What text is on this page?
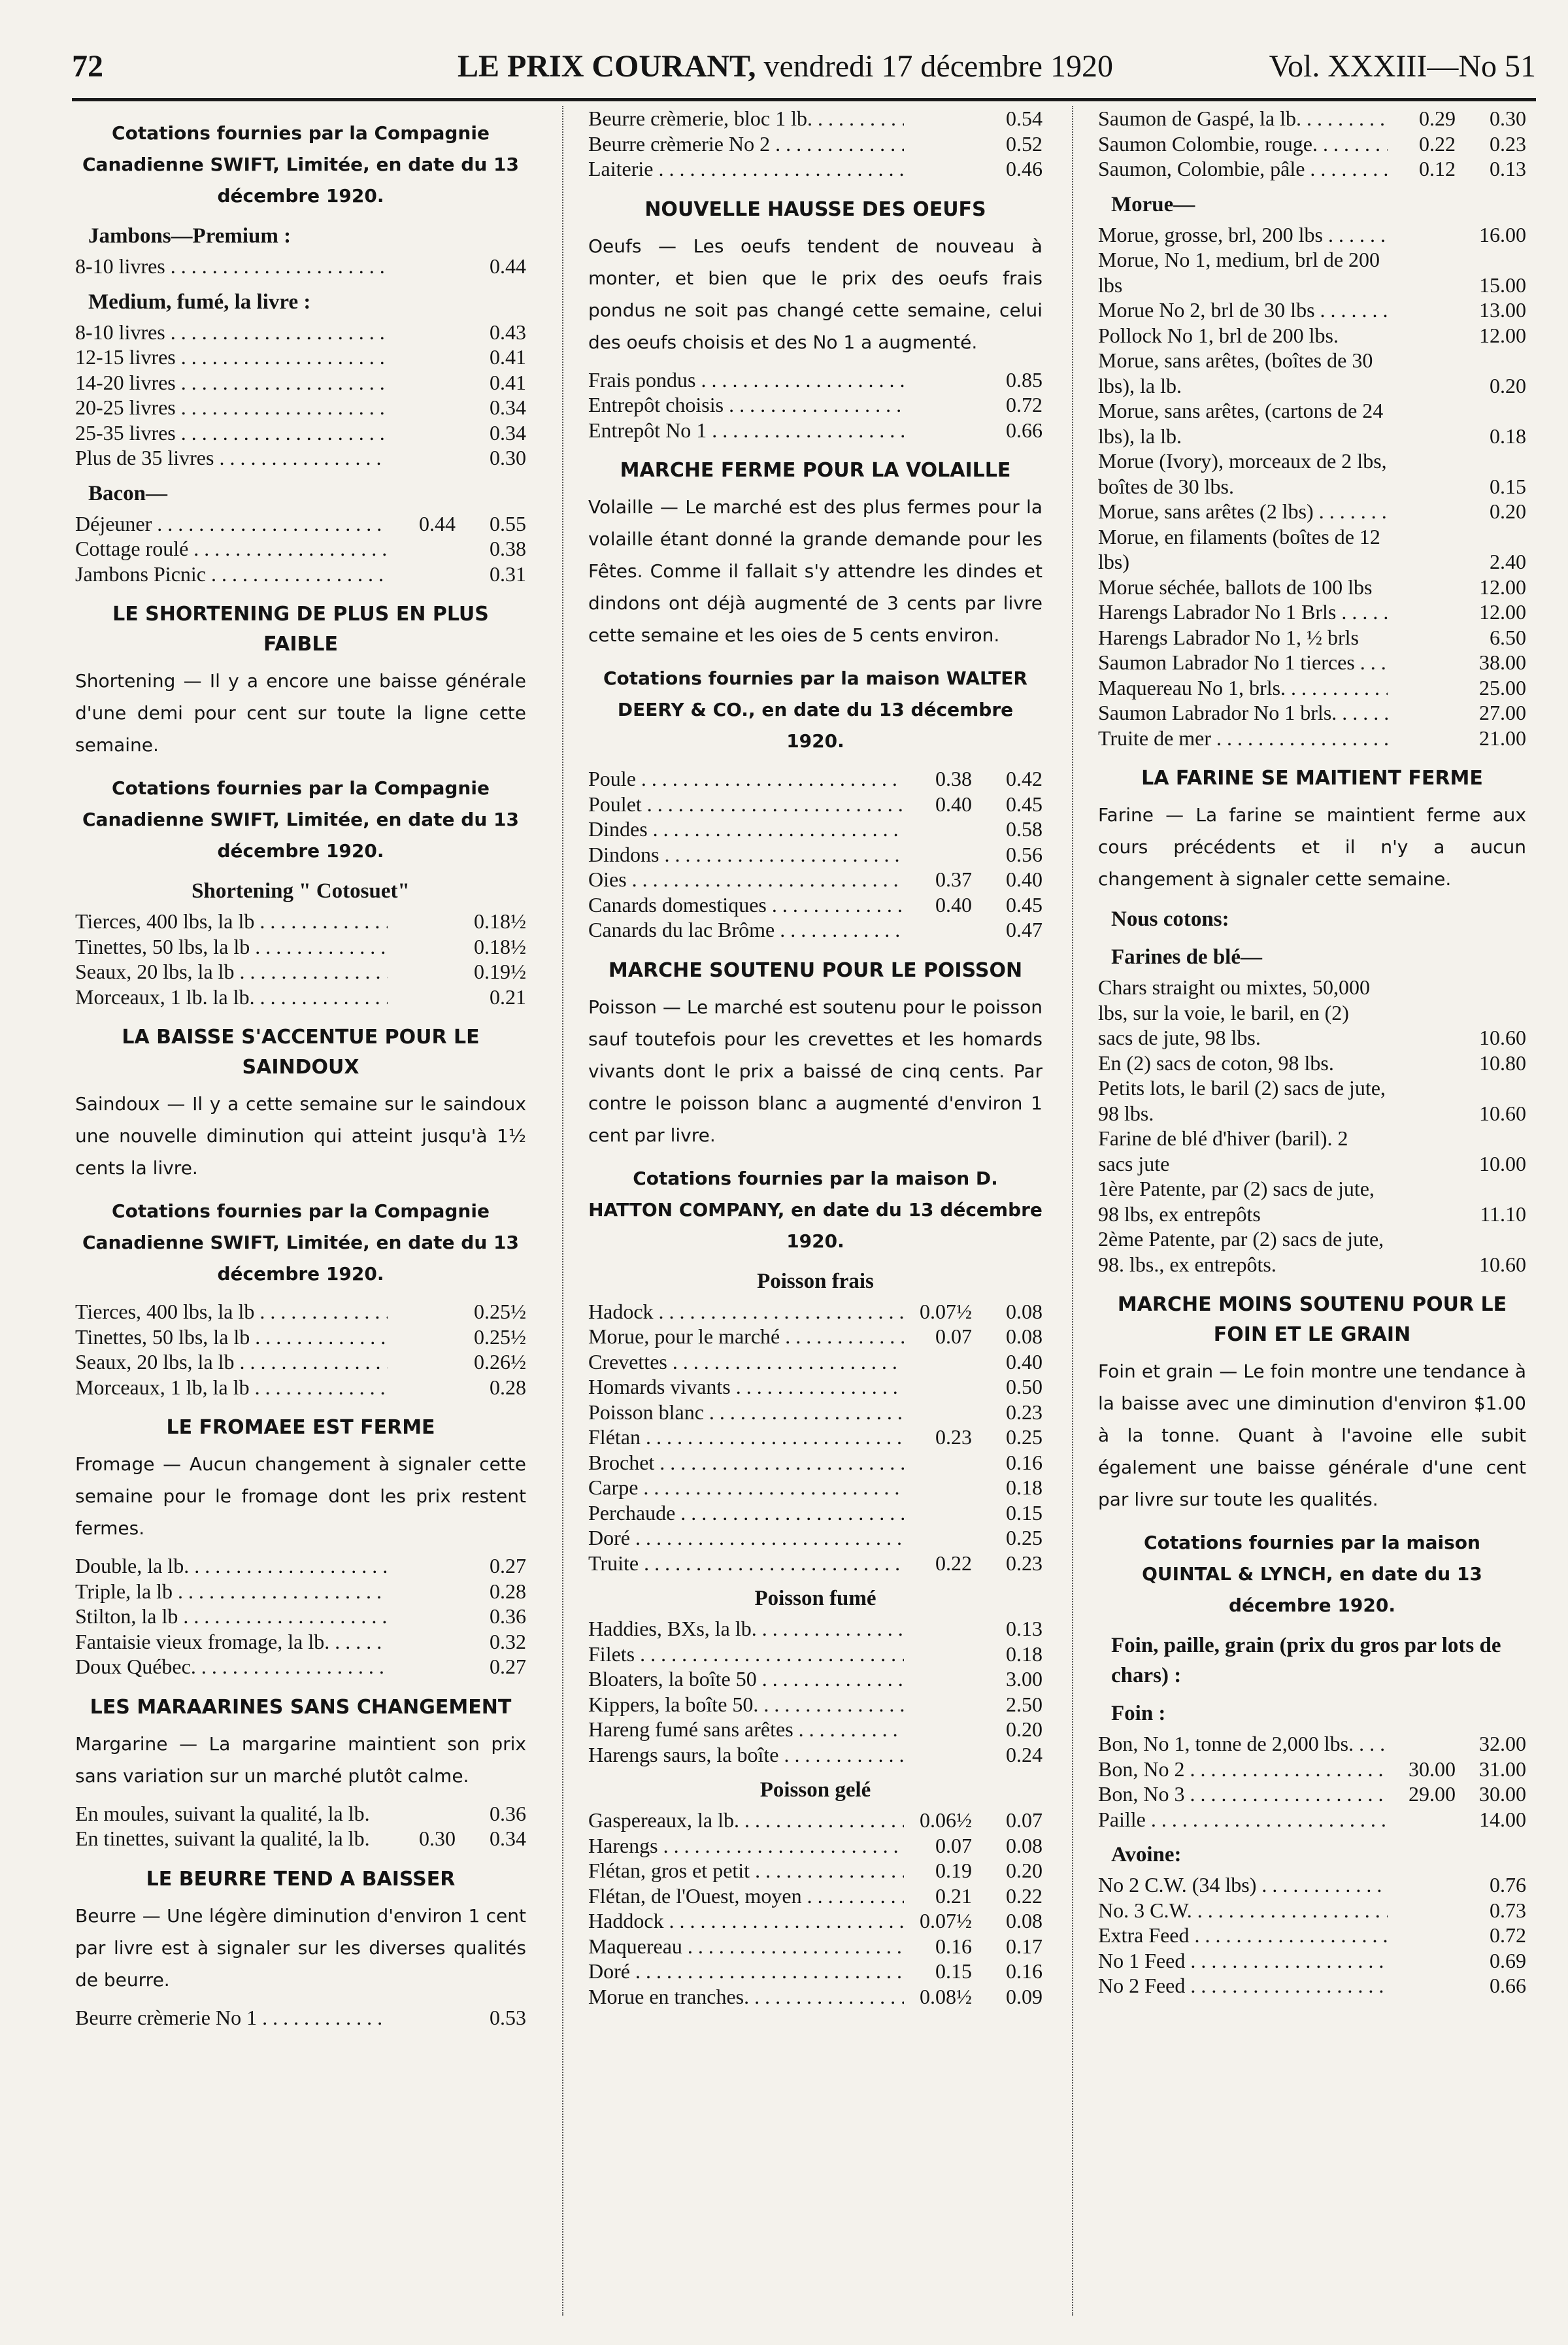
72	LE PRIX COURANT, vendredi 17 décembre 1920	Vol. XXXIII—No 51
Cotations fournies par la Compagnie Canadienne SWIFT, Limitée, en date du 13 décembre 1920.
Jambons—Premium :
8-10 livres . . .	0.44
Medium, fumé, la livre :
8-10 livres . . .	0.43
12-15 livres . . .	0.41
14-20 livres . . .	0.41
20-25 livres . . .	0.34
25-35 livres . . .	0.34
Plus de 35 livres . . .	0.30
Bacon—
Déjeuner . . .	0.44	0.55
Cottage roulé . . .	0.38
Jambons Picnic . . .	0.31
LE SHORTENING DE PLUS EN PLUS FAIBLE
Shortening — Il y a encore une baisse générale d'une demi pour cent sur toute la ligne cette semaine.
Cotations fournies par la Compagnie Canadienne SWIFT, Limitée, en date du 13 décembre 1920.
Shortening " Cotosuet"
Tierces, 400 lbs, la lb . . .	0.18½
Tinettes, 50 lbs, la lb . . .	0.18½
Seaux, 20 lbs, la lb . . .	0.19½
Morceaux, 1 lb. la lb. . . .	0.21
LA BAISSE S'ACCENTUE POUR LE SAINDOUX
Saindoux — Il y a cette semaine sur le saindoux une nouvelle diminution qui atteint jusqu'à 1½ cents la livre.
Cotations fournies par la Compagnie Canadienne SWIFT, Limitée, en date du 13 décembre 1920.
Tierces, 400 lbs, la lb . . .	0.25½
Tinettes, 50 lbs, la lb . . .	0.25½
Seaux, 20 lbs, la lb . . .	0.26½
Morceaux, 1 lb, la lb . . .	0.28
LE FROMAEE EST FERME
Fromage — Aucun changement à signaler cette semaine pour le fromage dont les prix restent fermes.
Double, la lb. . . .	0.27
Triple, la lb . . .	0.28
Stilton, la lb . . .	0.36
Fantaisie vieux fromage, la lb. . . .	0.32
Doux Québec. . . .	0.27
LES MARAARINES SANS CHANGEMENT
Margarine — La margarine maintient son prix sans variation sur un marché plutôt calme.
En moules, suivant la qualité, la lb.	0.36
En tinettes, suivant la qualité, la lb.	0.30	0.34
LE BEURRE TEND A BAISSER
Beurre — Une légère diminution d'environ 1 cent par livre est à signaler sur les diverses qualités de beurre.
Beurre crèmerie No 1 . . .	0.53
Beurre crèmerie, bloc 1 lb. . . .	0.54
Beurre crèmerie No 2 . . .	0.52
Laiterie . . .	0.46
NOUVELLE HAUSSE DES OEUFS
Oeufs — Les oeufs tendent de nouveau à monter, et bien que le prix des oeufs frais pondus ne soit pas changé cette semaine, celui des oeufs choisis et des No 1 a augmenté.
Frais pondus . . .	0.85
Entrepôt choisis . . .	0.72
Entrepôt No 1 . . .	0.66
MARCHE FERME POUR LA VOLAILLE
Volaille — Le marché est des plus fermes pour la volaille étant donné la grande demande pour les Fêtes. Comme il fallait s'y attendre les dindes et dindons ont déjà augmenté de 3 cents par livre cette semaine et les oies de 5 cents environ.
Cotations fournies par la maison WALTER DEERY & CO., en date du 13 décembre 1920.
Poule . . .	0.38	0.42
Poulet . . .	0.40	0.45
Dindes . . .	0.58
Dindons . . .	0.56
Oies . . .	0.37	0.40
Canards domestiques . . .	0.40	0.45
Canards du lac Brôme . . .	0.47
MARCHE SOUTENU POUR LE POISSON
Poisson — Le marché est soutenu pour le poisson sauf toutefois pour les crevettes et les homards vivants dont le prix a baissé de cinq cents. Par contre le poisson blanc a augmenté d'environ 1 cent par livre.
Cotations fournies par la maison D. HATTON COMPANY, en date du 13 décembre 1920.
Poisson frais
Hadock . . .	0.07½	0.08
Morue, pour le marché . . .	0.07	0.08
Crevettes . . .	0.40
Homards vivants . . .	0.50
Poisson blanc . . .	0.23
Flétan . . .	0.23	0.25
Brochet . . .	0.16
Carpe . . .	0.18
Perchaude . . .	0.15
Doré . . .	0.25
Truite . . .	0.22	0.23
Poisson fumé
Haddies, BXs, la lb. . . .	0.13
Filets . . .	0.18
Bloaters, la boîte 50 . . .	3.00
Kippers, la boîte 50. . . .	2.50
Hareng fumé sans arêtes . . .	0.20
Harengs saurs, la boîte . . .	0.24
Poisson gelé
Gaspereaux, la lb. . . .	0.06½	0.07
Harengs . . .	0.07	0.08
Flétan, gros et petit . . .	0.19	0.20
Flétan, de l'Ouest, moyen . . .	0.21	0.22
Haddock . . .	0.07½	0.08
Maquereau . . .	0.16	0.17
Doré . . .	0.15	0.16
Morue en tranches. . . .	0.08½	0.09
Saumon de Gaspé, la lb. . . .	0.29	0.30
Saumon Colombie, rouge. . . .	0.22	0.23
Saumon, Colombie, pâle . . .	0.12	0.13
Morue—
Morue, grosse, brl, 200 lbs . . .	16.00
Morue, No 1, medium, brl de 200 lbs	15.00
Morue No 2, brl de 30 lbs . . .	13.00
Pollock No 1, brl de 200 lbs.	12.00
Morue, sans arêtes, (boîtes de 30 lbs), la lb.	0.20
Morue, sans arêtes, (cartons de 24 lbs), la lb.	0.18
Morue (Ivory), morceaux de 2 lbs, boîtes de 30 lbs.	0.15
Morue, sans arêtes (2 lbs) . . .	0.20
Morue, en filaments (boîtes de 12 lbs)	2.40
Morue séchée, ballots de 100 lbs	12.00
Harengs Labrador No 1 Brls . . .	12.00
Harengs Labrador No 1, ½ brls	6.50
Saumon Labrador No 1 tierces . . .	38.00
Maquereau No 1, brls. . . .	25.00
Saumon Labrador No 1 brls. . . .	27.00
Truite de mer . . .	21.00
LA FARINE SE MAITIENT FERME
Farine — La farine se maintient ferme aux cours précédents et il n'y a aucun changement à signaler cette semaine.
Nous cotons:
Farines de blé—
Chars straight ou mixtes, 50,000 lbs, sur la voie, le baril, en (2) sacs de jute, 98 lbs.	10.60
En (2) sacs de coton, 98 lbs.	10.80
Petits lots, le baril (2) sacs de jute, 98 lbs.	10.60
Farine de blé d'hiver (baril). 2 sacs jute	10.00
1ère Patente, par (2) sacs de jute, 98 lbs, ex entrepôts	11.10
2ème Patente, par (2) sacs de jute, 98. lbs., ex entrepôts.	10.60
MARCHE MOINS SOUTENU POUR LE FOIN ET LE GRAIN
Foin et grain — Le foin montre une tendance à la baisse avec une diminution d'environ $1.00 à la tonne. Quant à l'avoine elle subit également une baisse générale d'une cent par livre sur toute les qualités.
Cotations fournies par la maison QUINTAL & LYNCH, en date du 13 décembre 1920.
Foin, paille, grain (prix du gros par lots de chars) :
Foin :
Bon, No 1, tonne de 2,000 lbs. . . .	32.00
Bon, No 2 . . .	30.00	31.00
Bon, No 3 . . .	29.00	30.00
Paille . . .	14.00
Avoine:
No 2 C.W. (34 lbs) . . .	0.76
No. 3 C.W. . . .	0.73
Extra Feed . . .	0.72
No 1 Feed . . .	0.69
No 2 Feed . . .	0.66
